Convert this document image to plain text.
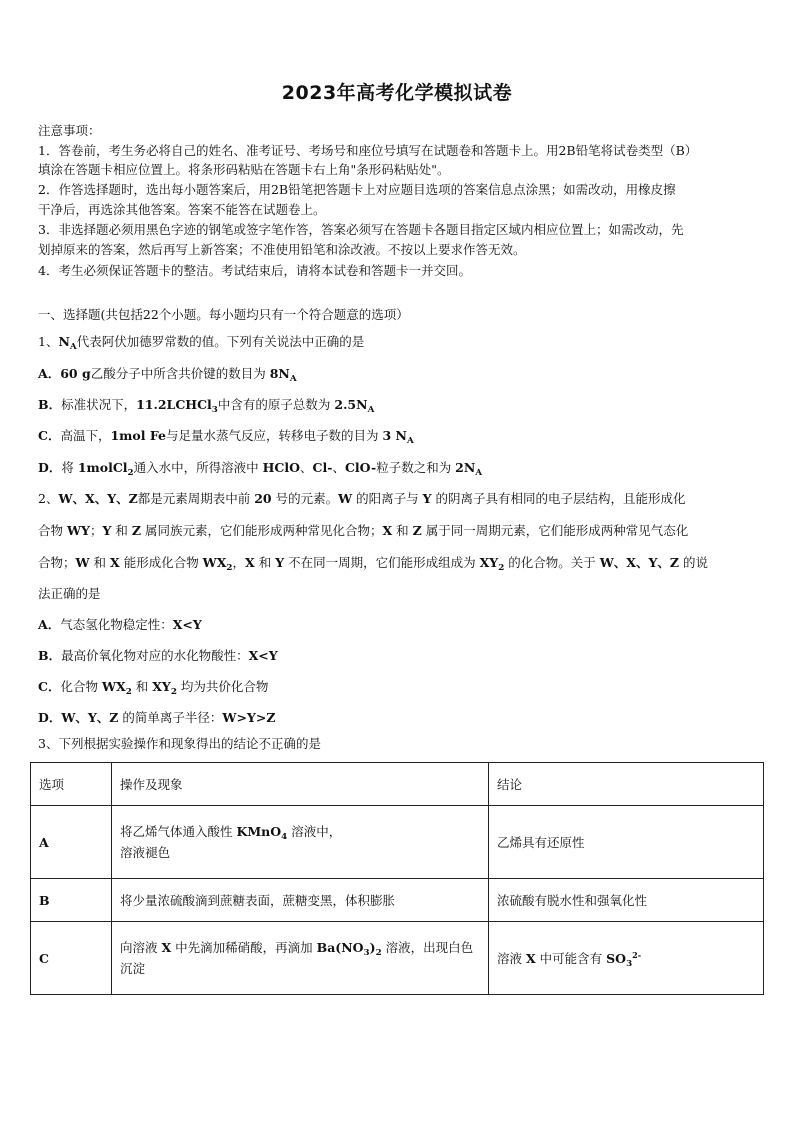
2023年高考化学模拟试卷
注意事项：
1．答卷前，考生务必将自己的姓名、准考证号、考场号和座位号填写在试题卷和答题卡上。用2B铅笔将试卷类型（B）
填涂在答题卡相应位置上。将条形码粘贴在答题卡右上角"条形码粘贴处"。
2．作答选择题时，选出每小题答案后，用2B铅笔把答题卡上对应题目选项的答案信息点涂黑；如需改动，用橡皮擦
干净后，再选涂其他答案。答案不能答在试题卷上。
3．非选择题必须用黑色字迹的钢笔或签字笔作答，答案必须写在答题卡各题目指定区域内相应位置上；如需改动，先
划掉原来的答案，然后再写上新答案；不准使用铅笔和涂改液。不按以上要求作答无效。
4．考生必须保证答题卡的整洁。考试结束后，请将本试卷和答题卡一并交回。
一、选择题(共包括22个小题。每小题均只有一个符合题意的选项）
1、$N_A$代表阿伏加德罗常数的值。下列有关说法中正确的是
A．60 g乙酸分子中所含共价键的数目为 $8N_A$
B．标准状况下，11.2LCHCl$_3$中含有的原子总数为 $2.5N_A$
C．高温下，1mol Fe与足量水蒸气反应，转移电子数的目为 3 $N_A$
D．将 1molCl$_2$通入水中，所得溶液中 HClO、Cl-、ClO-粒子数之和为 $2N_A$
2、W、X、Y、Z都是元素周期表中前 20 号的元素。W 的阳离子与 Y 的阴离子具有相同的电子层结构，且能形成化
合物 WY；Y 和 Z 属同族元素，它们能形成两种常见化合物；X 和 Z 属于同一周期元素，它们能形成两种常见气态化
合物；W 和 X 能形成化合物 $WX_2$，X 和 Y 不在同一周期，它们能形成组成为 $XY_2$ 的化合物。关于 W、X、Y、Z 的说
法正确的是
A．气态氢化物稳定性：X<Y
B．最高价氧化物对应的水化物酸性：X<Y
C．化合物 $WX_2$ 和 $XY_2$ 均为共价化合物
D．W、Y、Z 的简单离子半径：W>Y>Z
3、下列根据实验操作和现象得出的结论不正确 · ·的是
选项	操作及现象	结论
A	将乙烯气体通入酸性 KMnO$_4$ 溶液中，
溶液褪色	乙烯具有还原性
B	将少量浓硫酸滴到蔗糖表面，蔗糖变黑，体积膨胀	浓硫酸有脱水性和强氧化性
C	向溶液 X 中先滴加稀硝酸，再滴加 $Ba(NO_3)_2$ 溶液，出现白色
沉淀	溶液 X 中可能含有 $SO_3^{2-}$
